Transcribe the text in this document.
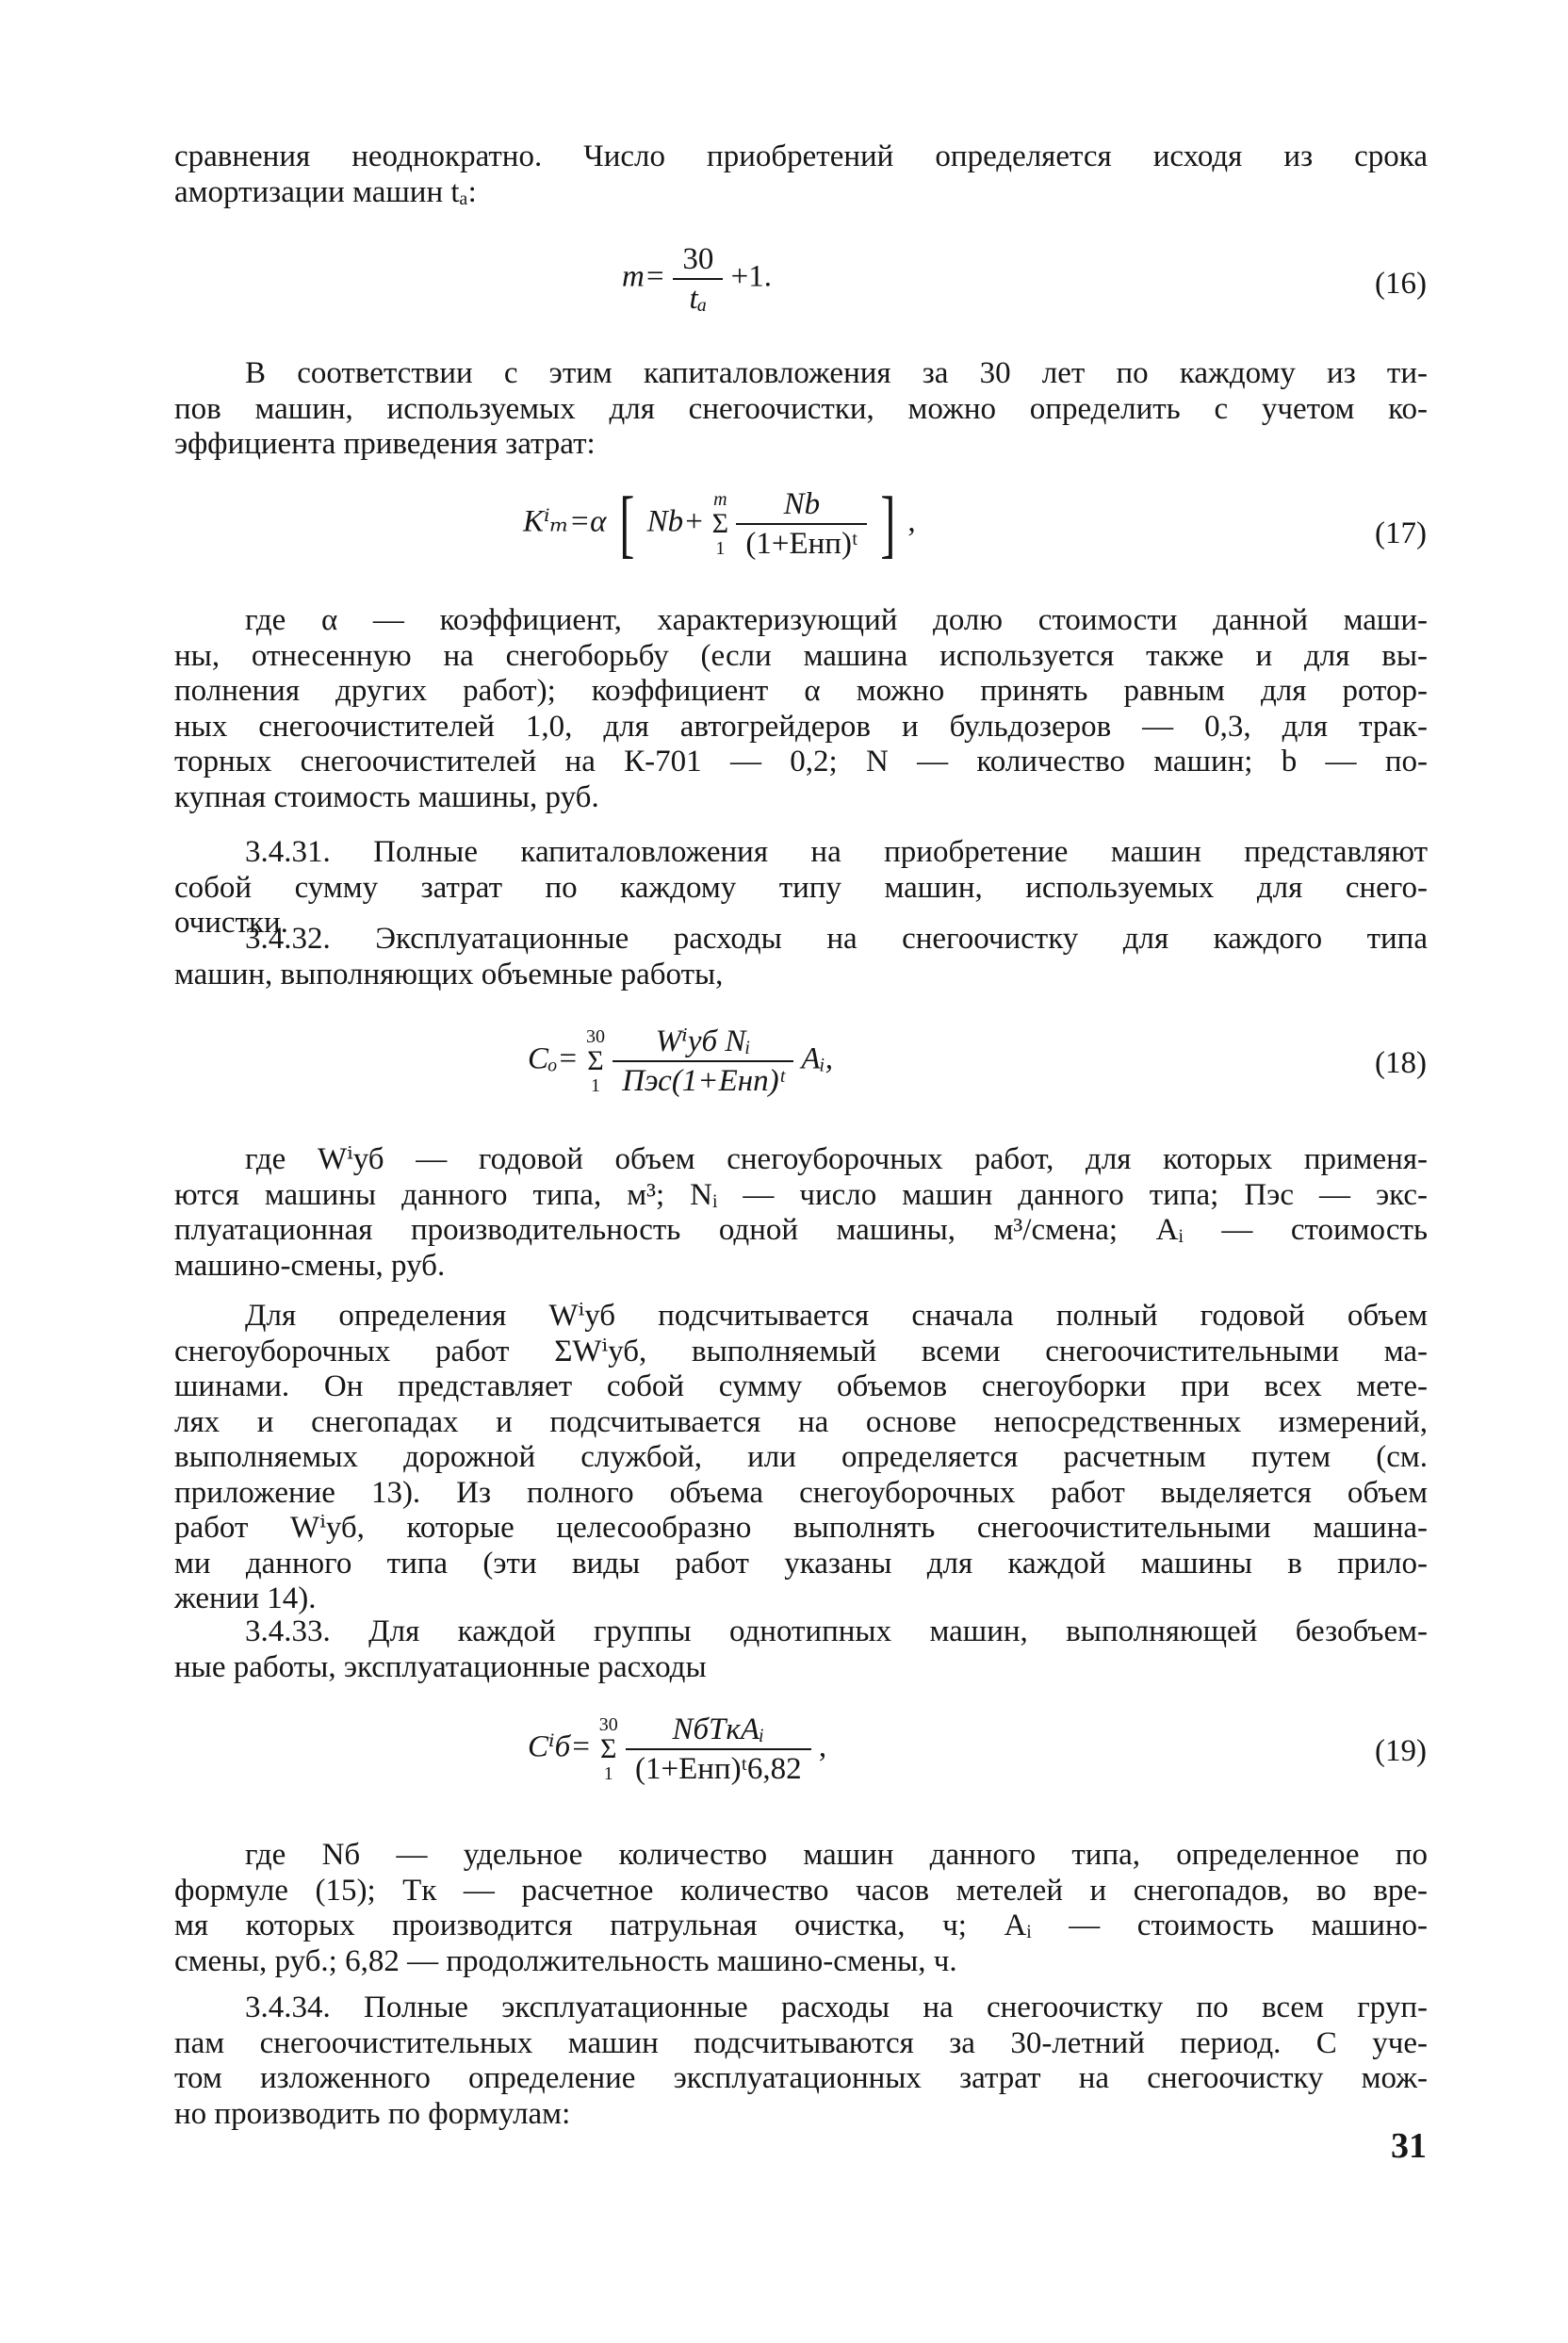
сравнения неоднократно. Число приобретений определяется исходя из срока
амортизации машин tₐ:
$m= \frac{30}{\text{tₐ}} +1$.	(16)
В соответствии с этим капиталовложения за 30 лет по каждому из ти-
пов машин, используемых для снегоочистки, можно определить с учетом ко-
эффициента приведения затрат:
Kⁱₘ=α [ Nb+
m
Σ
1
$\frac{Nb}{\text{(1+Eнп)ᵗ}}$ ] ,	(17)
где α — коэффициент, характеризующий долю стоимости данной маши-
ны, отнесенную на снегоборьбу (если машина используется также и для вы-
полнения других работ); коэффициент α можно принять равным для ротор-
ных снегоочистителей 1,0, для автогрейдеров и бульдозеров — 0,3, для трак-
торных снегоочистителей на К-701 — 0,2; N — количество машин; b — по-
купная стоимость машины, руб.
3.4.31. Полные капиталовложения на приобретение машин представляют
собой сумму затрат по каждому типу машин, используемых для снего-
очистки.
3.4.32. Эксплуатационные расходы на снегоочистку для каждого типа
машин, выполняющих объемные работы,
Cₒ=
30
Σ
1
$\frac{\text{Wⁱуб Nᵢ}}{\text{Пэс(1+Eнп)ᵗ}}$ Aᵢ,	(18)
где Wⁱуб — годовой объем снегоуборочных работ, для которых применя-
ются машины данного типа, м³; Nᵢ — число машин данного типа; Пэс — экс-
плуатационная производительность одной машины, м³/смена; Aᵢ — стоимость
машино-смены, руб.
Для определения Wⁱуб подсчитывается сначала полный годовой объем
снегоуборочных работ ΣWⁱуб, выполняемый всеми снегоочистительными ма-
шинами. Он представляет собой сумму объемов снегоуборки при всех мете-
лях и снегопадах и подсчитывается на основе непосредственных измерений,
выполняемых дорожной службой, или определяется расчетным путем (см.
приложение 13). Из полного объема снегоуборочных работ выделяется объем
работ Wⁱуб, которые целесообразно выполнять снегоочистительными машина-
ми данного типа (эти виды работ указаны для каждой машины в прило-
жении 14).
3.4.33. Для каждой группы однотипных машин, выполняющей безобъем-
ные работы, эксплуатационные расходы
Cⁱб=
30
Σ
1
$\frac{\text{NбTкAᵢ}}{\text{(1+Eнп)ᵗ6,82}}$ ,	(19)
где Nб — удельное количество машин данного типа, определенное по
формуле (15); Tк — расчетное количество часов метелей и снегопадов, во вре-
мя которых производится патрульная очистка, ч; Aᵢ — стоимость машино-
смены, руб.; 6,82 — продолжительность машино-смены, ч.
3.4.34. Полные эксплуатационные расходы на снегоочистку по всем груп-
пам снегоочистительных машин подсчитываются за 30-летний период. С уче-
том изложенного определение эксплуатационных затрат на снегоочистку мож-
но производить по формулам:
31
